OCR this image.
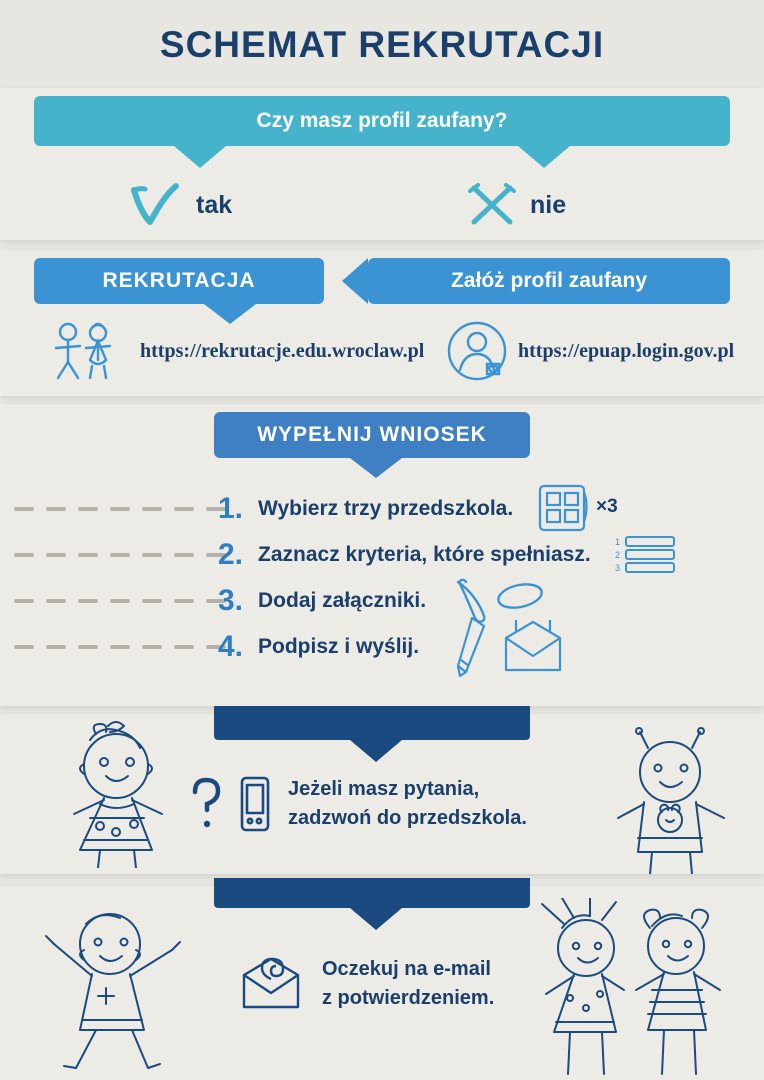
SCHEMAT REKRUTACJI
Czy masz profil zaufany?
tak	nie
REKRUTACJA	Załóż profil zaufany
https://rekrutacje.edu.wroclaw.pl	https://epuap.login.gov.pl
WYPEŁNIJ WNIOSEK
1. Wybierz trzy przedszkola.	×3
2. Zaznacz kryteria, które spełniasz.
1
2
3
3. Dodaj załączniki.
4. Podpisz i wyślij.
Jeżeli masz pytania,
zadzwoń do przedszkola.
Oczekuj na e-mail
z potwierdzeniem.
